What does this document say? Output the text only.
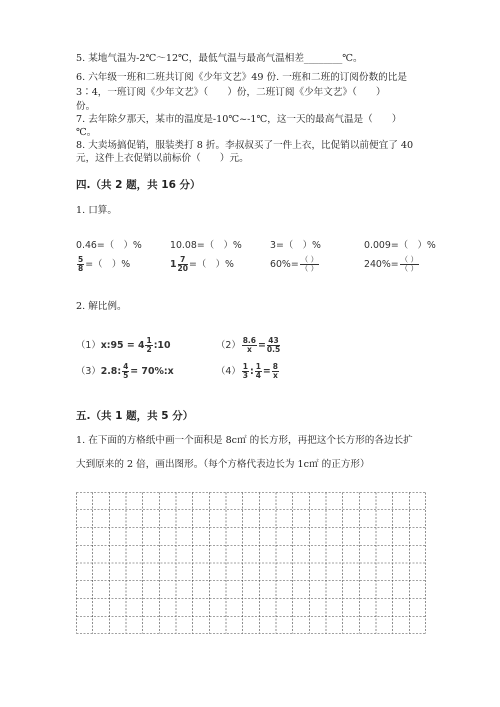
5. 某地气温为-2℃～12℃，最低气温与最高气温相差________℃。
6. 六年级一班和二班共订阅《少年文艺》49 份. 一班和二班的订阅份数的比是
3∶4，一班订阅《少年文艺》（　　）份，二班订阅《少年文艺》（　　）
份。
7. 去年除夕那天，某市的温度是-10℃~-1℃，这一天的最高气温是（　　）
℃。
8. 大卖场搞促销，服装类打 8 折。李叔叔买了一件上衣，比促销以前便宜了 40
元，这件上衣促销以前标价（　　）元。
四.（共 2 题，共 16 分）
1. 口算。
0.46=（　）%	10.08=（　）%	3=（　）%	0.009=（　）%
$\frac{5}{8}$ =（　）%	$1 \frac{7}{20}$ =（　）%	$60\%= \frac{( )}{( )}$	$240\%= \frac{( )}{( )}$
2. 解比例。
（1）x:95 = $4 \frac{1}{2}$ :10	$(2) \frac{8.6}{x} = \frac{43}{0.5}$
（3）2.8: $\frac{4}{5}$ = 70%:x	$(4) \frac{1}{3}$ : $\frac{1}{4} = \frac{8}{x}$
五.（共 1 题，共 5 分）
1. 在下面的方格纸中画一个面积是 8c㎡ 的长方形，再把这个长方形的各边长扩
大到原来的 2 倍，画出图形。（每个方格代表边长为 1c㎡ 的正方形）
